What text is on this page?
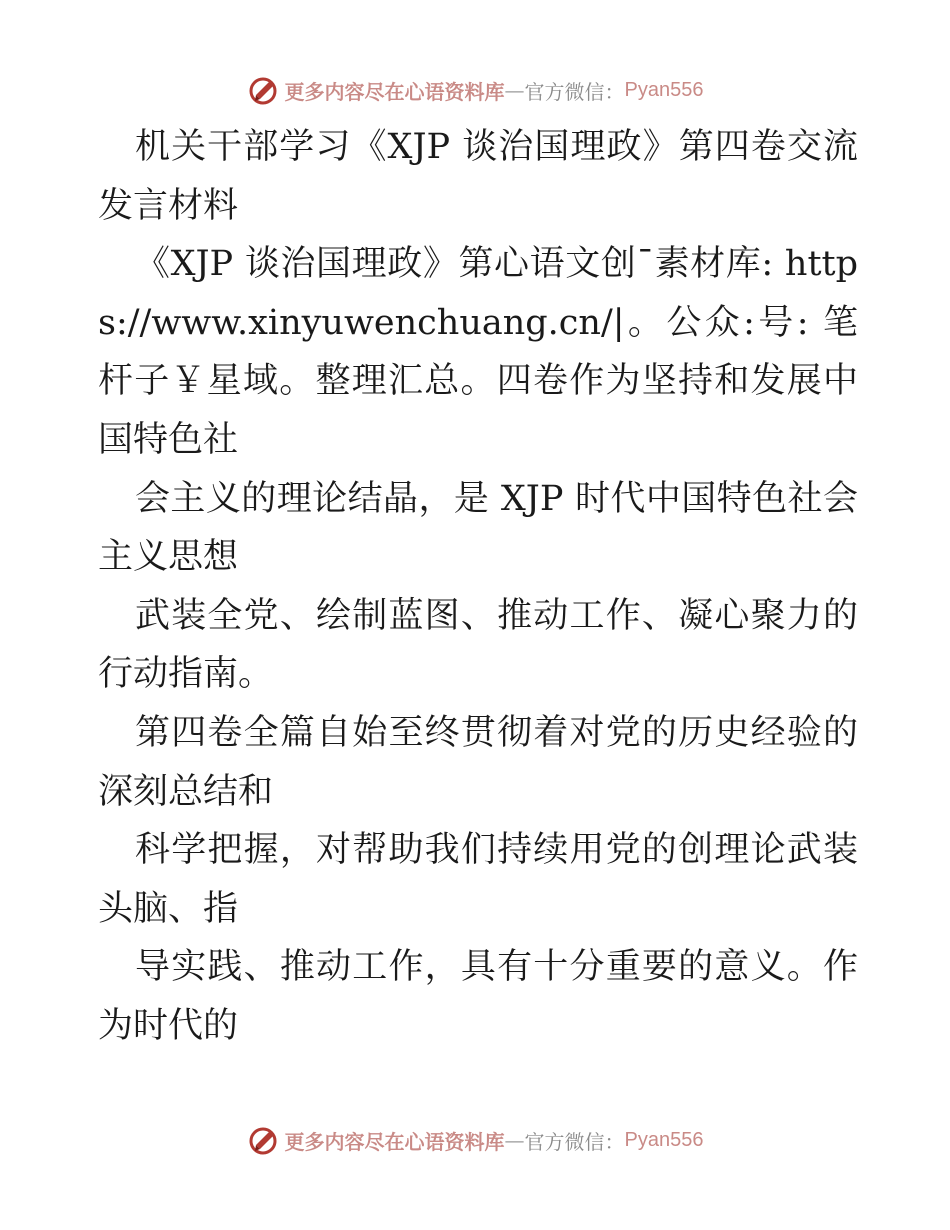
更多内容尽在心语资料库 — 官方微信： Pyan556

机关干部学习《XJP 谈治国理政》第四卷交流发言材料

《XJP 谈治国理政》第心语文创¯素材库: https://www.xinyuwenchuang.cn/|。公众:号: 笔杆子￥星域。整理汇总。四卷作为坚持和发展中国特色社

会主义的理论结晶，是 XJP 时代中国特色社会主义思想

武装全党、绘制蓝图、推动工作、凝心聚力的行动指南。

第四卷全篇自始至终贯彻着对党的历史经验的深刻总结和

科学把握，对帮助我们持续用党的创理论武装头脑、指

导实践、推动工作，具有十分重要的意义。作为时代的

更多内容尽在心语资料库 — 官方微信： Pyan556
